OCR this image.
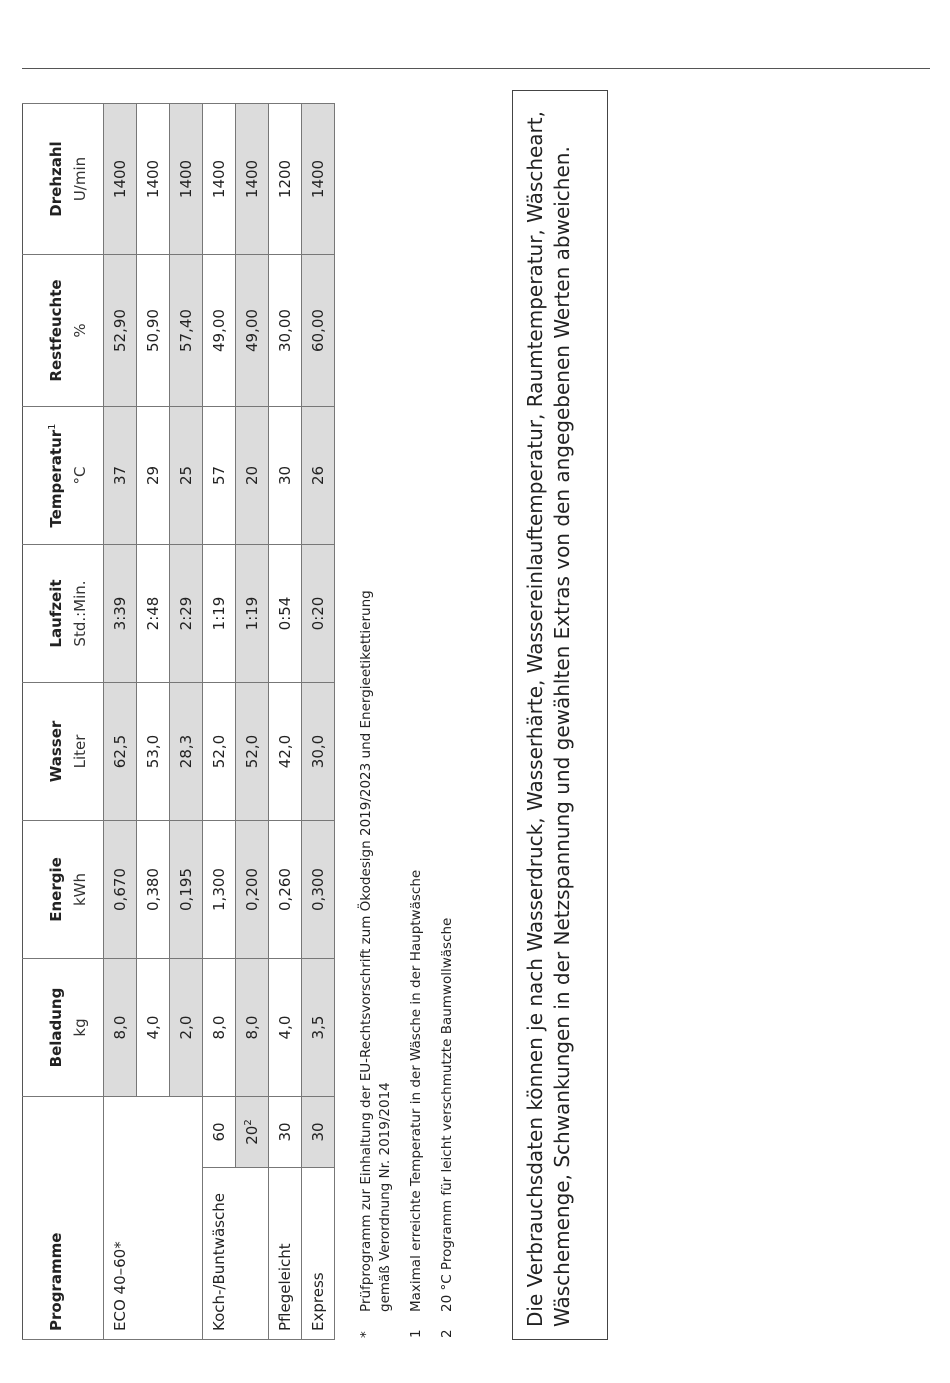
Programme		Beladung	Energie	Wasser	Laufzeit	Temperatur$^1$	Restfeuchte	Drehzahl
		kg	kWh	Liter	Std.:Min.	°C	%	U/min
ECO 40–60*		8,0	0,670	62,5	3:39	37	52,90	1400
		4,0	0,380	53,0	2:48	29	50,90	1400
		2,0	0,195	28,3	2:29	25	57,40	1400
Koch-/Buntwäsche	60	8,0	1,300	52,0	1:19	57	49,00	1400
	$20^2$	8,0	0,200	52,0	1:19	20	49,00	1400
Pflegeleicht	30	4,0	0,260	42,0	0:54	30	30,00	1200
Express	30	3,5	0,300	30,0	0:20	26	60,00	1400
*
Prüfprogramm zur Einhaltung der EU-Rechtsvorschrift zum Ökodesign 2019/2023 und Energieetikettierung gemäß Verordnung Nr. 2019/2014
1
Maximal erreichte Temperatur in der Wäsche in der Hauptwäsche
2
20 °C Programm für leicht verschmutzte Baumwollwäsche	Die Verbrauchsdaten können je nach Wasserdruck, Wasserhärte, Wassereinlauftemperatur, Raumtemperatur, Wäscheart, Wäschemenge, Schwankungen in der Netzspannung und gewählten Extras von den angegebenen Werten abweichen.
